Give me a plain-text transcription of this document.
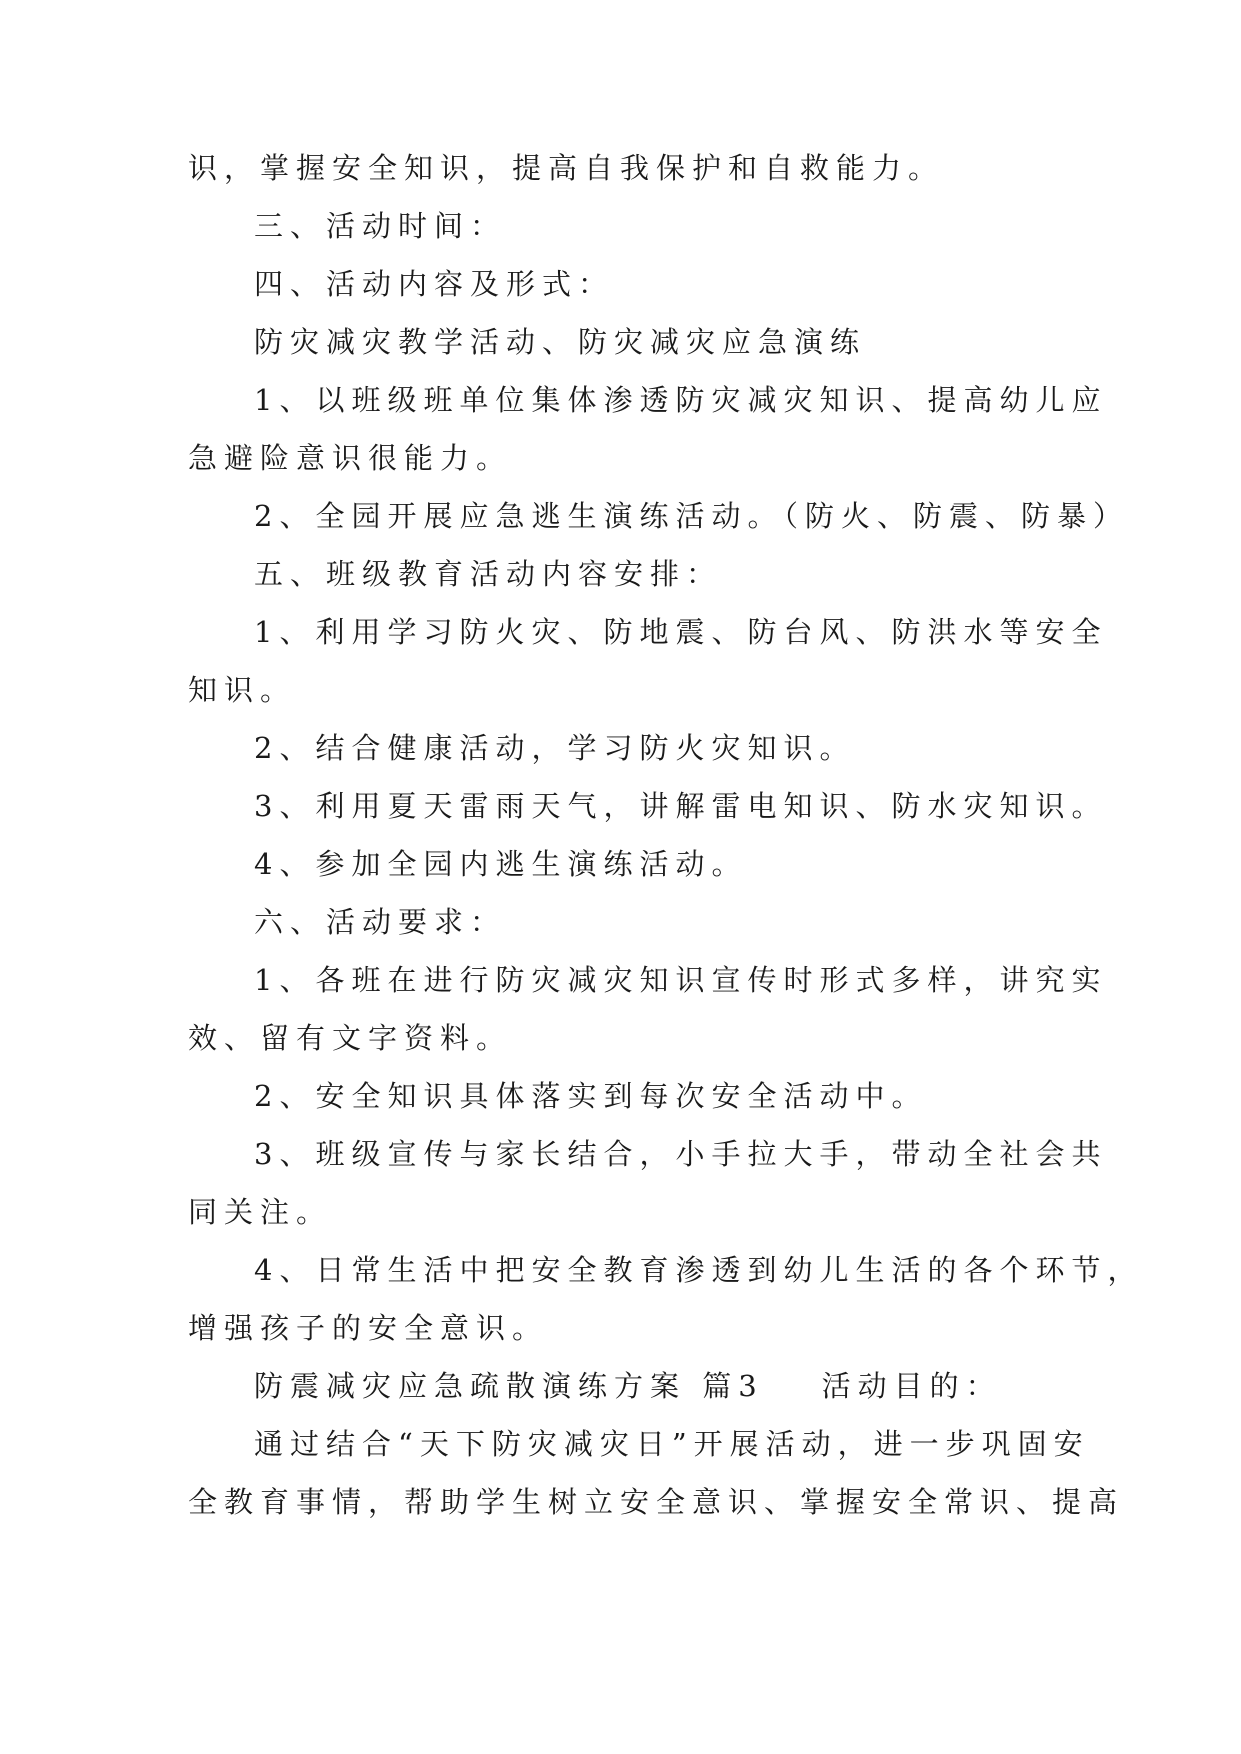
识，掌握安全知识，提高自我保护和自救能力。
三、活动时间：
四、活动内容及形式：
防灾减灾教学活动、防灾减灾应急演练
1、以班级班单位集体渗透防灾减灾知识、提高幼儿应
急避险意识很能力。
2、全园开展应急逃生演练活动。（防火、防震、防暴）
五、班级教育活动内容安排：
1、利用学习防火灾、防地震、防台风、防洪水等安全
知识。
2、结合健康活动，学习防火灾知识。
3、利用夏天雷雨天气，讲解雷电知识、防水灾知识。
4、参加全园内逃生演练活动。
六、活动要求：
1、各班在进行防灾减灾知识宣传时形式多样，讲究实
效、留有文字资料。
2、安全知识具体落实到每次安全活动中。
3、班级宣传与家长结合，小手拉大手，带动全社会共
同关注。
4、日常生活中把安全教育渗透到幼儿生活的各个环节，
增强孩子的安全意识。
防震减灾应急疏散演练方案 篇3 活动目的：
通过结合“天下防灾减灾日”开展活动，进一步巩固安
全教育事情，帮助学生树立安全意识、掌握安全常识、提高
